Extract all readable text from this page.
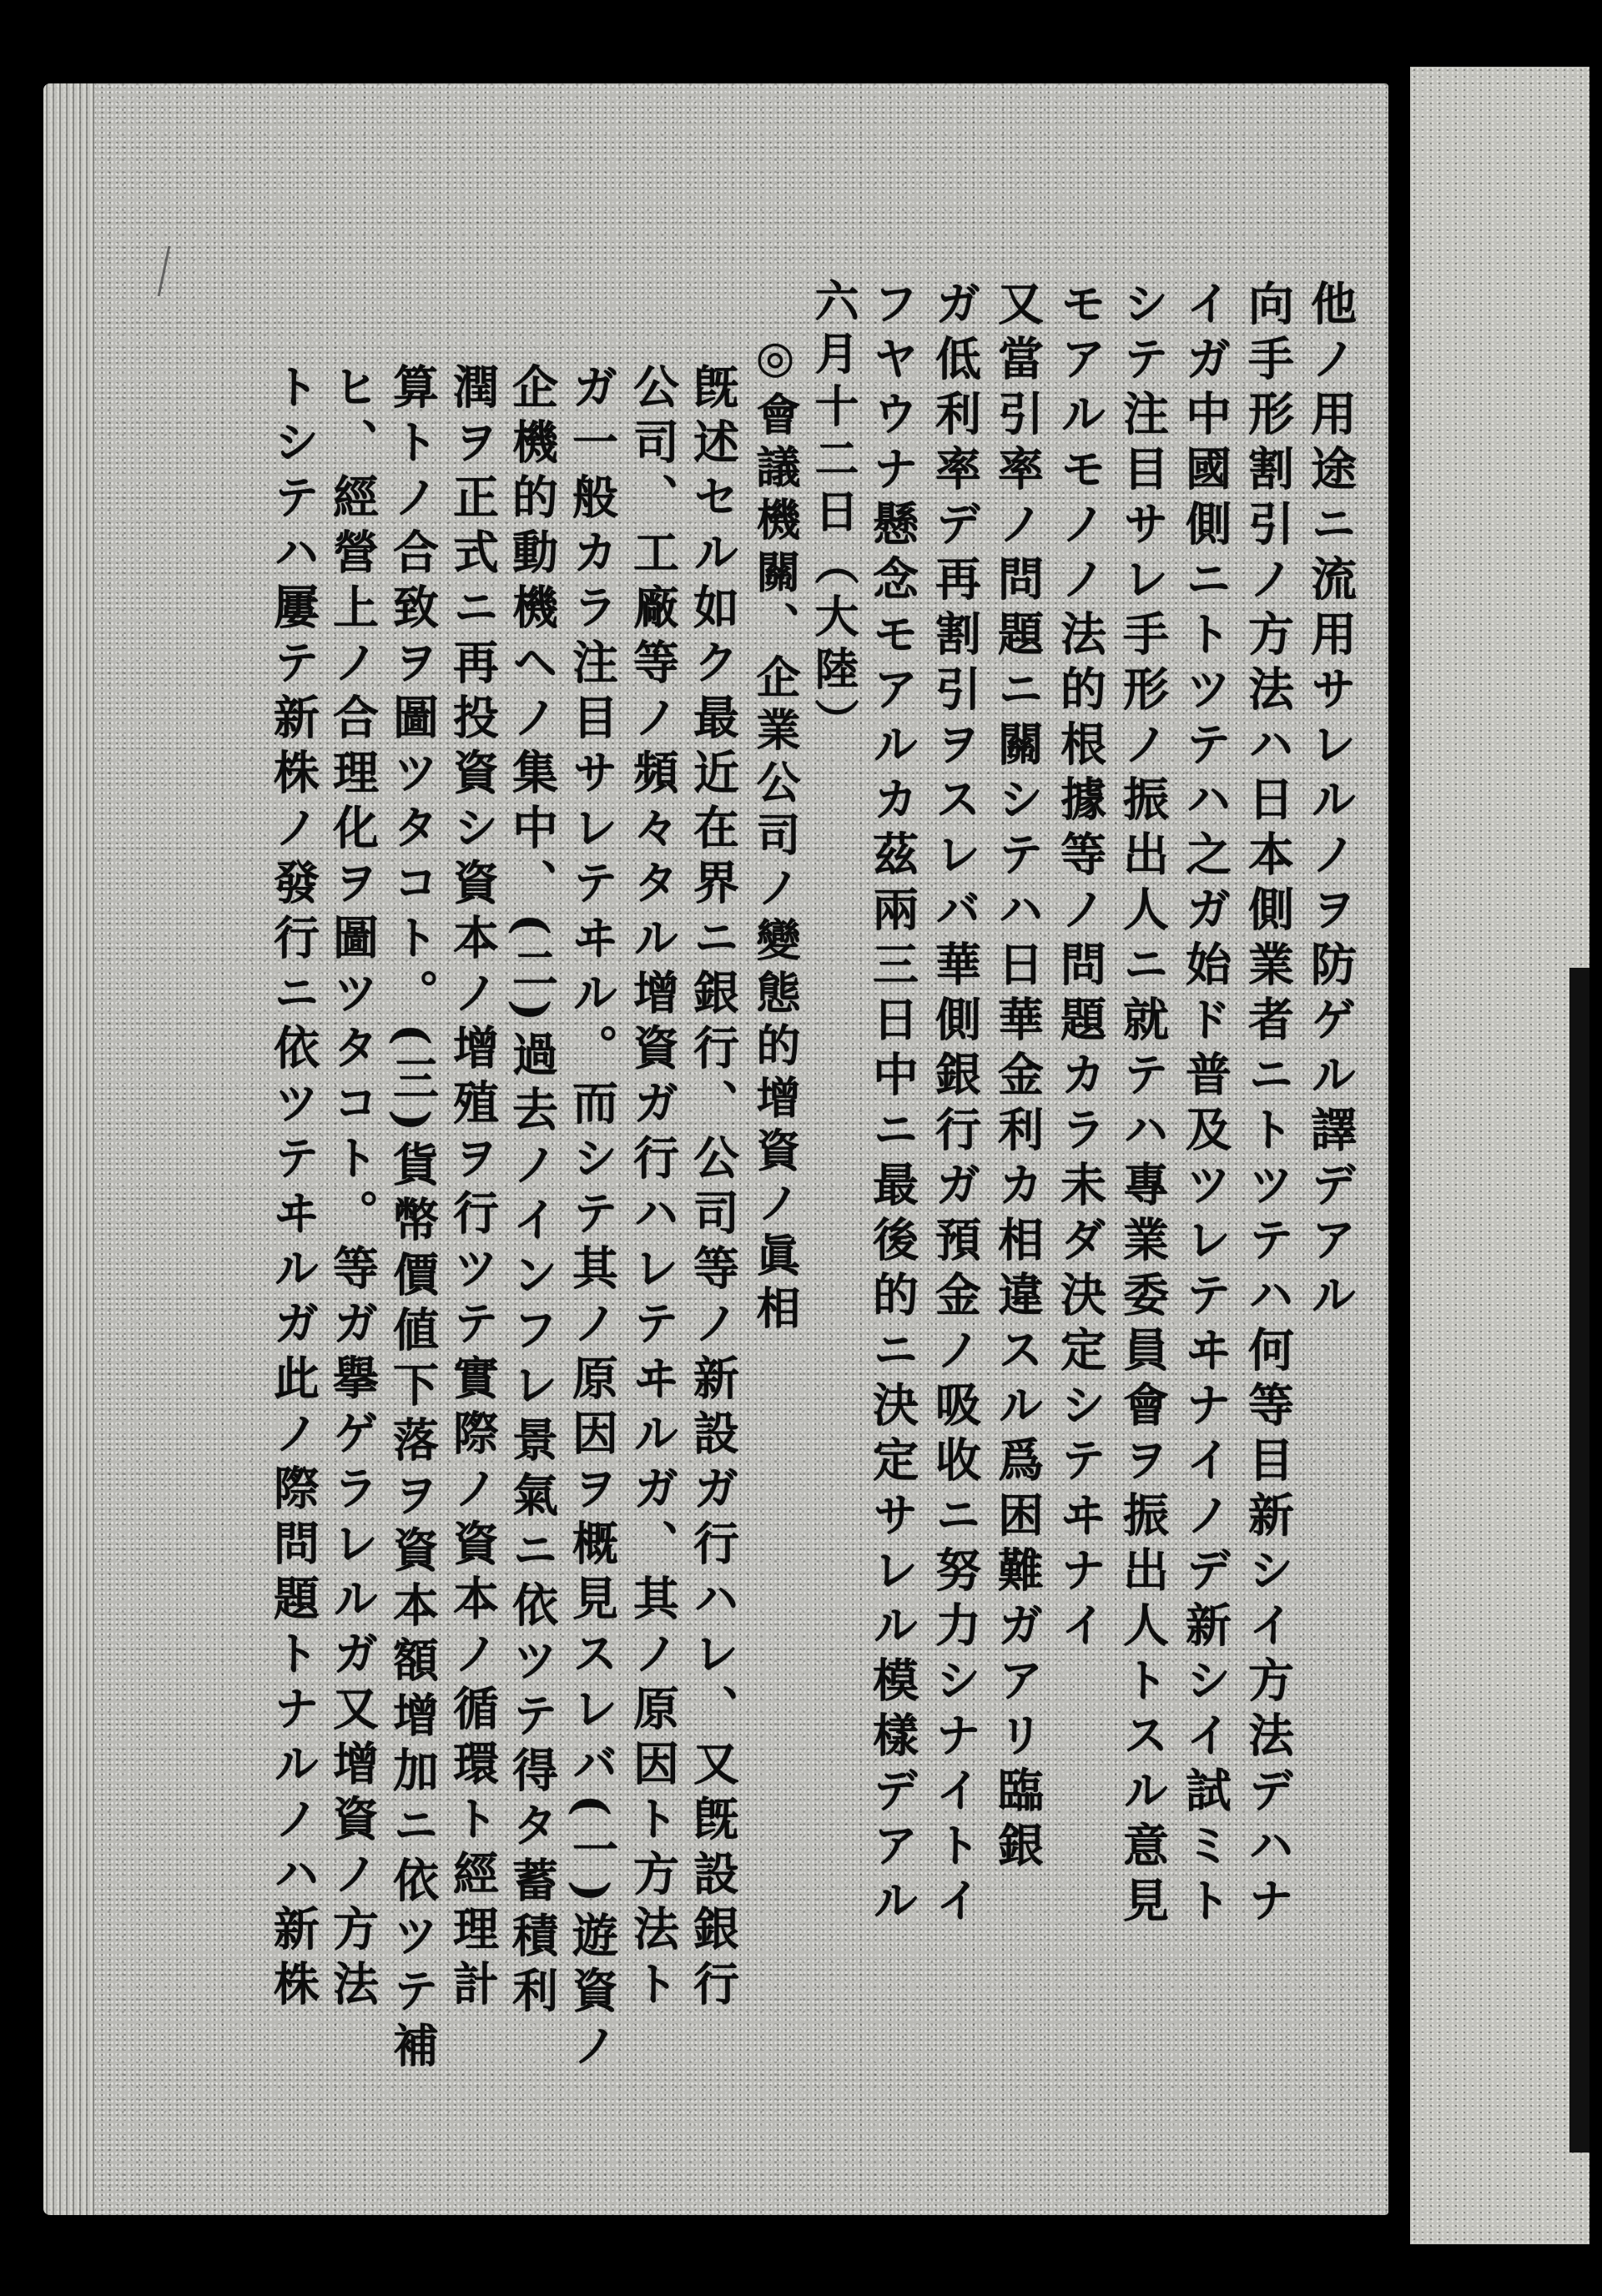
他ノ用途ニ流用サレルノヲ防ゲル譯デアル
向手形割引ノ方法ハ日本側業者ニトツテハ何等目新シイ方法デハナ
イガ中國側ニトツテハ之ガ始ド普及ツレテヰナイノデ新シイ試ミト
シテ注目サレ手形ノ振出人ニ就テハ專業委員會ヲ振出人トスル意見
モアルモノノ法的根據等ノ問題カラ未ダ決定シテヰナイ
又當引率ノ問題ニ關シテハ日華金利カ相違スル爲困難ガアリ臨銀
ガ低利率デ再割引ヲスレバ華側銀行ガ預金ノ吸收ニ努力シナイトイ
フヤウナ懸念モアルカ茲兩三日中ニ最後的ニ決定サレル模樣デアル
六月十二日（大陸）
◎會議機關、企業公司ノ變態的增資ノ眞相
旣述セル如ク最近在界ニ銀行、公司等ノ新設ガ行ハレ、又旣設銀行
公司、工廠等ノ頻々タル增資ガ行ハレテヰルガ、其ノ原因ト方法ト
ガ一般カラ注目サレテヰル。而シテ其ノ原因ヲ概見スレバ(一)遊資ノ
企機的動機ヘノ集中、(二)過去ノインフレ景氣ニ依ツテ得タ蓄積利
潤ヲ正式ニ再投資シ資本ノ增殖ヲ行ツテ實際ノ資本ノ循環ト經理計
算トノ合致ヲ圖ツタコト。(三)貨幣價値下落ヲ資本額增加ニ依ツテ補
ヒ、經營上ノ合理化ヲ圖ツタコト。等ガ擧ゲラレルガ又增資ノ方法
トシテハ屢テ新株ノ發行ニ依ツテヰルガ此ノ際問題トナルノハ新株
